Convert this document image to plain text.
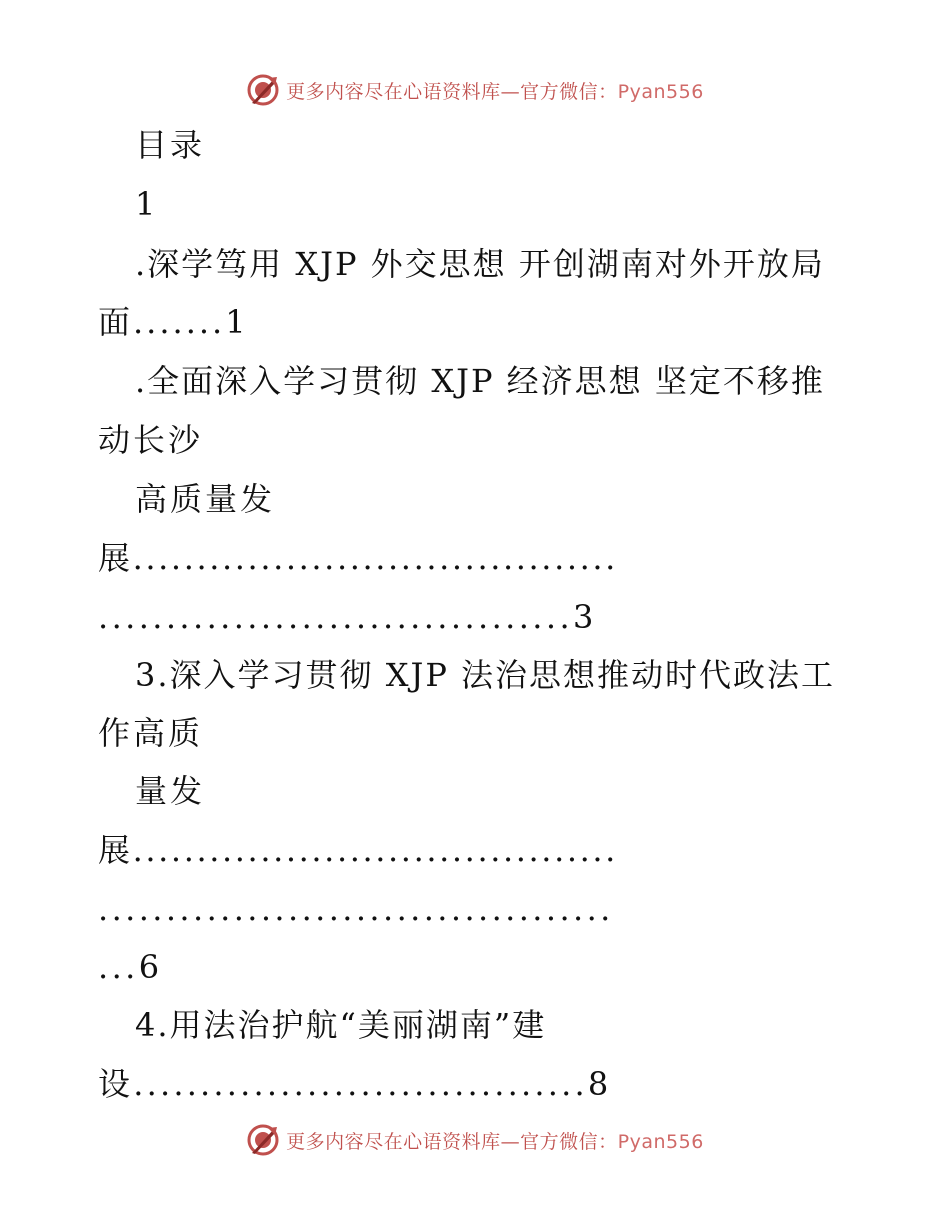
更多内容尽在心语资料库—官方微信：Pyan556
目录
1
.深学笃用 XJP 外交思想 开创湖南对外开放局
面.......1
.全面深入学习贯彻 XJP 经济思想 坚定不移推
动长沙
高质量发
展......................................
...................................3
3.深入学习贯彻 XJP 法治思想推动时代政法工
作高质
量发
展......................................
......................................
...6
4.用法治护航“美丽湖南”建
设..................................8
更多内容尽在心语资料库—官方微信：Pyan556
